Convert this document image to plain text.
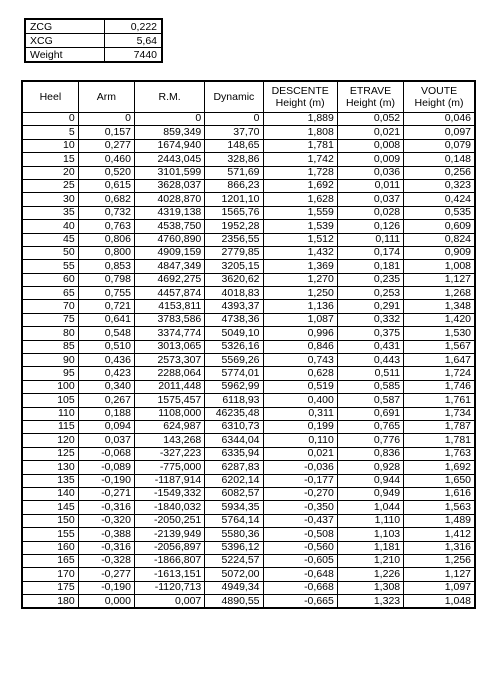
ZCG	0,222
XCG	5,64
Weight	7440
Heel	Arm	R.M.	Dynamic	DESCENTE Height (m)	ETRAVE Height (m)	VOUTE Height (m)
0	0	0	0	1,889	0,052	0,046
5	0,157	859,349	37,70	1,808	0,021	0,097
10	0,277	1674,940	148,65	1,781	0,008	0,079
15	0,460	2443,045	328,86	1,742	0,009	0,148
20	0,520	3101,599	571,69	1,728	0,036	0,256
25	0,615	3628,037	866,23	1,692	0,011	0,323
30	0,682	4028,870	1201,10	1,628	0,037	0,424
35	0,732	4319,138	1565,76	1,559	0,028	0,535
40	0,763	4538,750	1952,28	1,539	0,126	0,609
45	0,806	4760,890	2356,55	1,512	0,111	0,824
50	0,800	4909,159	2779,85	1,432	0,174	0,909
55	0,853	4847,349	3205,15	1,369	0,181	1,008
60	0,798	4692,275	3620,62	1,270	0,235	1,127
65	0,755	4457,874	4018,83	1,250	0,253	1,268
70	0,721	4153,811	4393,37	1,136	0,291	1,348
75	0,641	3783,586	4738,36	1,087	0,332	1,420
80	0,548	3374,774	5049,10	0,996	0,375	1,530
85	0,510	3013,065	5326,16	0,846	0,431	1,567
90	0,436	2573,307	5569,26	0,743	0,443	1,647
95	0,423	2288,064	5774,01	0,628	0,511	1,724
100	0,340	2011,448	5962,99	0,519	0,585	1,746
105	0,267	1575,457	6118,93	0,400	0,587	1,761
110	0,188	1108,000	46235,48	0,311	0,691	1,734
115	0,094	624,987	6310,73	0,199	0,765	1,787
120	0,037	143,268	6344,04	0,110	0,776	1,781
125	-0,068	-327,223	6335,94	0,021	0,836	1,763
130	-0,089	-775,000	6287,83	-0,036	0,928	1,692
135	-0,190	-1187,914	6202,14	-0,177	0,944	1,650
140	-0,271	-1549,332	6082,57	-0,270	0,949	1,616
145	-0,316	-1840,032	5934,35	-0,350	1,044	1,563
150	-0,320	-2050,251	5764,14	-0,437	1,110	1,489
155	-0,388	-2139,949	5580,36	-0,508	1,103	1,412
160	-0,316	-2056,897	5396,12	-0,560	1,181	1,316
165	-0,328	-1866,807	5224,57	-0,605	1,210	1,256
170	-0,277	-1613,151	5072,00	-0,648	1,226	1,127
175	-0,190	-1120,713	4949,34	-0,668	1,308	1,097
180	0,000	0,007	4890,55	-0,665	1,323	1,048
